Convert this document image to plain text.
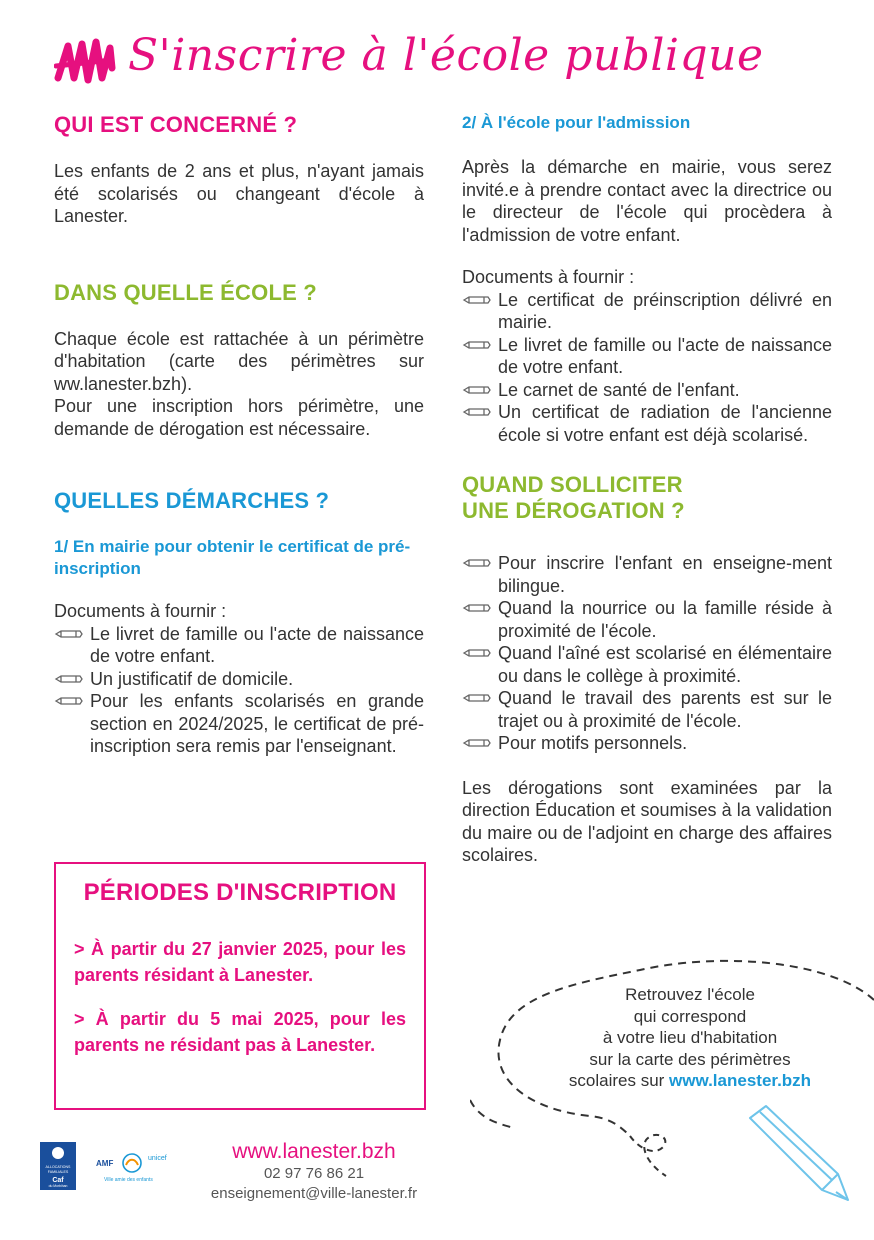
S'inscrire à l'école publique
QUI EST CONCERNÉ ?

Les enfants de 2 ans et plus, n'ayant jamais été scolarisés ou changeant d'école à Lanester.

DANS QUELLE ÉCOLE ?

Chaque école est rattachée à un périmètre d'habitation (carte des périmètres sur ww.lanester.bzh).

Pour une inscription hors périmètre, une demande de dérogation est nécessaire.

QUELLES DÉMARCHES ?
1/ En mairie pour obtenir le certificat de pré-inscription

Documents à fournir :

Le livret de famille ou l'acte de naissance de votre enfant.
Un justificatif de domicile.
Pour les enfants scolarisés en grande section en 2024/2025, le certificat de pré-inscription sera remis par l'enseignant.
2/ À l'école pour l'admission

Après la démarche en mairie, vous serez invité.e à prendre contact avec la directrice ou le directeur de l'école qui procèdera à l'admission de votre enfant.

Documents à fournir :

Le certificat de préinscription délivré en mairie.
Le livret de famille ou l'acte de naissance de votre enfant.
Le carnet de santé de l'enfant.
Un certificat de radiation de l'ancienne école si votre enfant est déjà scolarisé.
QUAND SOLLICITER
UNE DÉROGATION ?
Pour inscrire l'enfant en enseigne-ment bilingue.
Quand la nourrice ou la famille réside à proximité de l'école.
Quand l'aîné est scolarisé en élémentaire ou dans le collège à proximité.
Quand le travail des parents est sur le trajet ou à proximité de l'école.
Pour motifs personnels.

Les dérogations sont examinées par la direction Éducation et soumises à la validation du maire ou de l'adjoint en charge des affaires scolaires.

PÉRIODES D'INSCRIPTION

> À partir du 27 janvier 2025, pour les parents résidant à Lanester.

> À partir du 5 mai 2025, pour les parents ne résidant pas à Lanester.

Retrouvez l'école
qui correspond
à votre lieu d'habitation
sur la carte des périmètres
scolaires sur www.lanester.bzh
ALLOCATIONS
FAMILIALES
Caf
du Morbihan
AMF
unicef
Ville amie des enfants
www.lanester.bzh
02 97 76 86 21
enseignement@ville-lanester.fr
